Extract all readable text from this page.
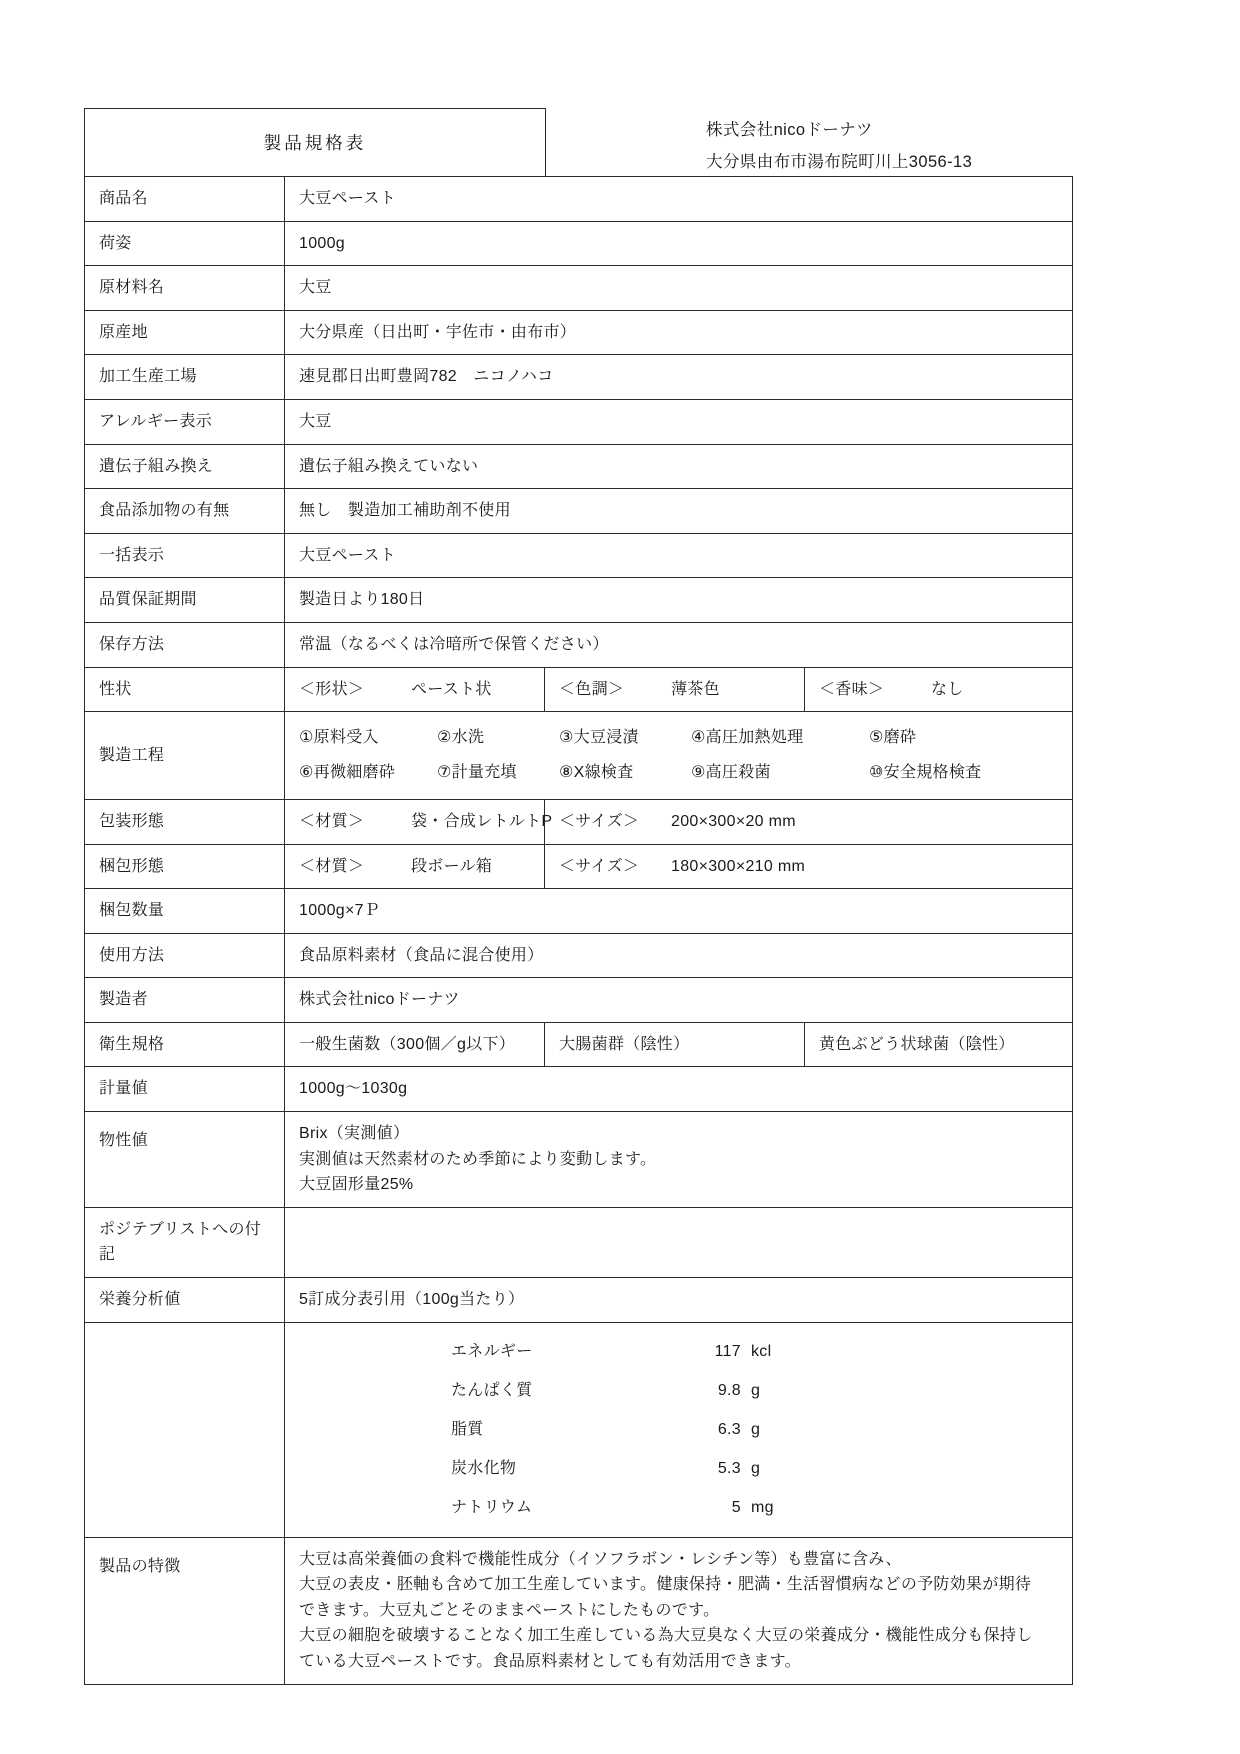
製品規格表
株式会社nicoドーナツ
大分県由布市湯布院町川上3056-13
商品名	大豆ペースト		
荷姿	1000g		
原材料名	大豆		
原産地	大分県産（日出町・宇佐市・由布市）		
加工生産工場	速見郡日出町豊岡782　ニコノハコ		
アレルギー表示	大豆		
遺伝子組み換え	遺伝子組み換えていない		
食品添加物の有無	無し　製造加工補助剤不使用		
一括表示	大豆ペースト		
品質保証期間	製造日より180日		
保存方法	常温（なるべくは冷暗所で保管ください）		
性状	＜形状＞ ペースト状	＜色調＞ 薄茶色	＜香味＞ なし
製造工程	
①原料受入	②水洗	③大豆浸漬	④高圧加熱処理	⑤磨砕
⑥再微細磨砕	⑦計量充填	⑧X線検査	⑨高圧殺菌	⑩安全規格検査

包装形態	＜材質＞ 袋・合成レトルトP	＜サイズ＞ 200×300×20 mm	
梱包形態	＜材質＞ 段ボール箱	＜サイズ＞ 180×300×210 mm	
梱包数量	1000g×7Ｐ		
使用方法	食品原料素材（食品に混合使用）		
製造者	株式会社nicoドーナツ		
衛生規格	一般生菌数（300個／g以下）	大腸菌群（陰性）	黄色ぶどう状球菌（陰性）
計量値	1000g～1030g		
物性値	Brix（実測値）
実測値は天然素材のため季節により変動します。
大豆固形量25%		

ポジテブリストへの付記			
栄養分析値	5訂成分表引用（100g当たり）		

エネルギー	117 kcl
たんぱく質	9.8 g
脂質	6.3 g
炭水化物	5.3 g
ナトリウム	5 mg

製品の特徴	大豆は高栄養価の食料で機能性成分（イソフラボン・レシチン等）も豊富に含み、
大豆の表皮・胚軸も含めて加工生産しています。健康保持・肥満・生活習慣病などの予防効果が期待
できます。大豆丸ごとそのままペーストにしたものです。
大豆の細胞を破壊することなく加工生産している為大豆臭なく大豆の栄養成分・機能性成分も保持し
ている大豆ペーストです。食品原料素材としても有効活用できます。		
